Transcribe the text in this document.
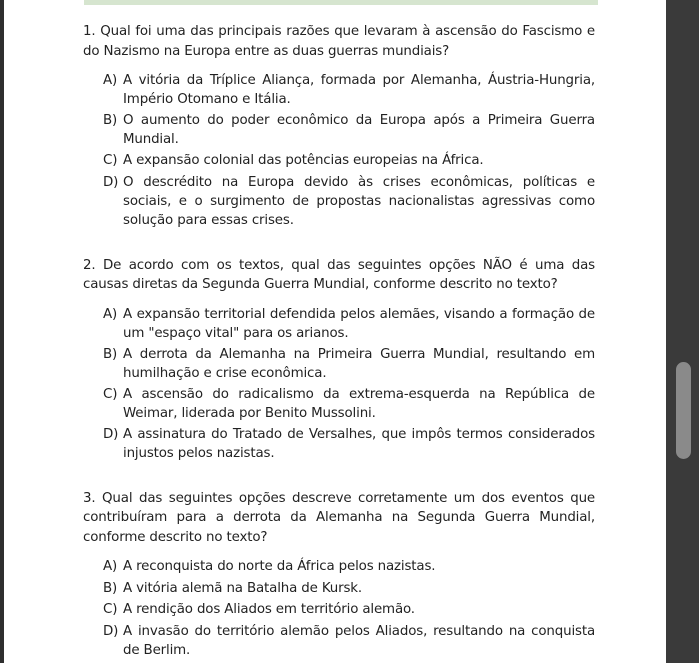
1. Qual foi uma das principais razões que levaram à ascensão do Fascismo e do Nazismo na Europa entre as duas guerras mundiais?

A) A vitória da Tríplice Aliança, formada por Alemanha, Áustria-Hungria, Império Otomano e Itália.
B) O aumento do poder econômico da Europa após a Primeira Guerra Mundial.
C) A expansão colonial das potências europeias na África.
D) O descrédito na Europa devido às crises econômicas, políticas e sociais, e o surgimento de propostas nacionalistas agressivas como solução para essas crises.

2. De acordo com os textos, qual das seguintes opções NÃO é uma das causas diretas da Segunda Guerra Mundial, conforme descrito no texto?

A) A expansão territorial defendida pelos alemães, visando a formação de um "espaço vital" para os arianos.
B) A derrota da Alemanha na Primeira Guerra Mundial, resultando em humilhação e crise econômica.
C) A ascensão do radicalismo da extrema-esquerda na República de Weimar, liderada por Benito Mussolini.
D) A assinatura do Tratado de Versalhes, que impôs termos considerados injustos pelos nazistas.

3. Qual das seguintes opções descreve corretamente um dos eventos que contribuíram para a derrota da Alemanha na Segunda Guerra Mundial, conforme descrito no texto?

A) A reconquista do norte da África pelos nazistas.
B) A vitória alemã na Batalha de Kursk.
C) A rendição dos Aliados em território alemão.
D) A invasão do território alemão pelos Aliados, resultando na conquista de Berlim.
